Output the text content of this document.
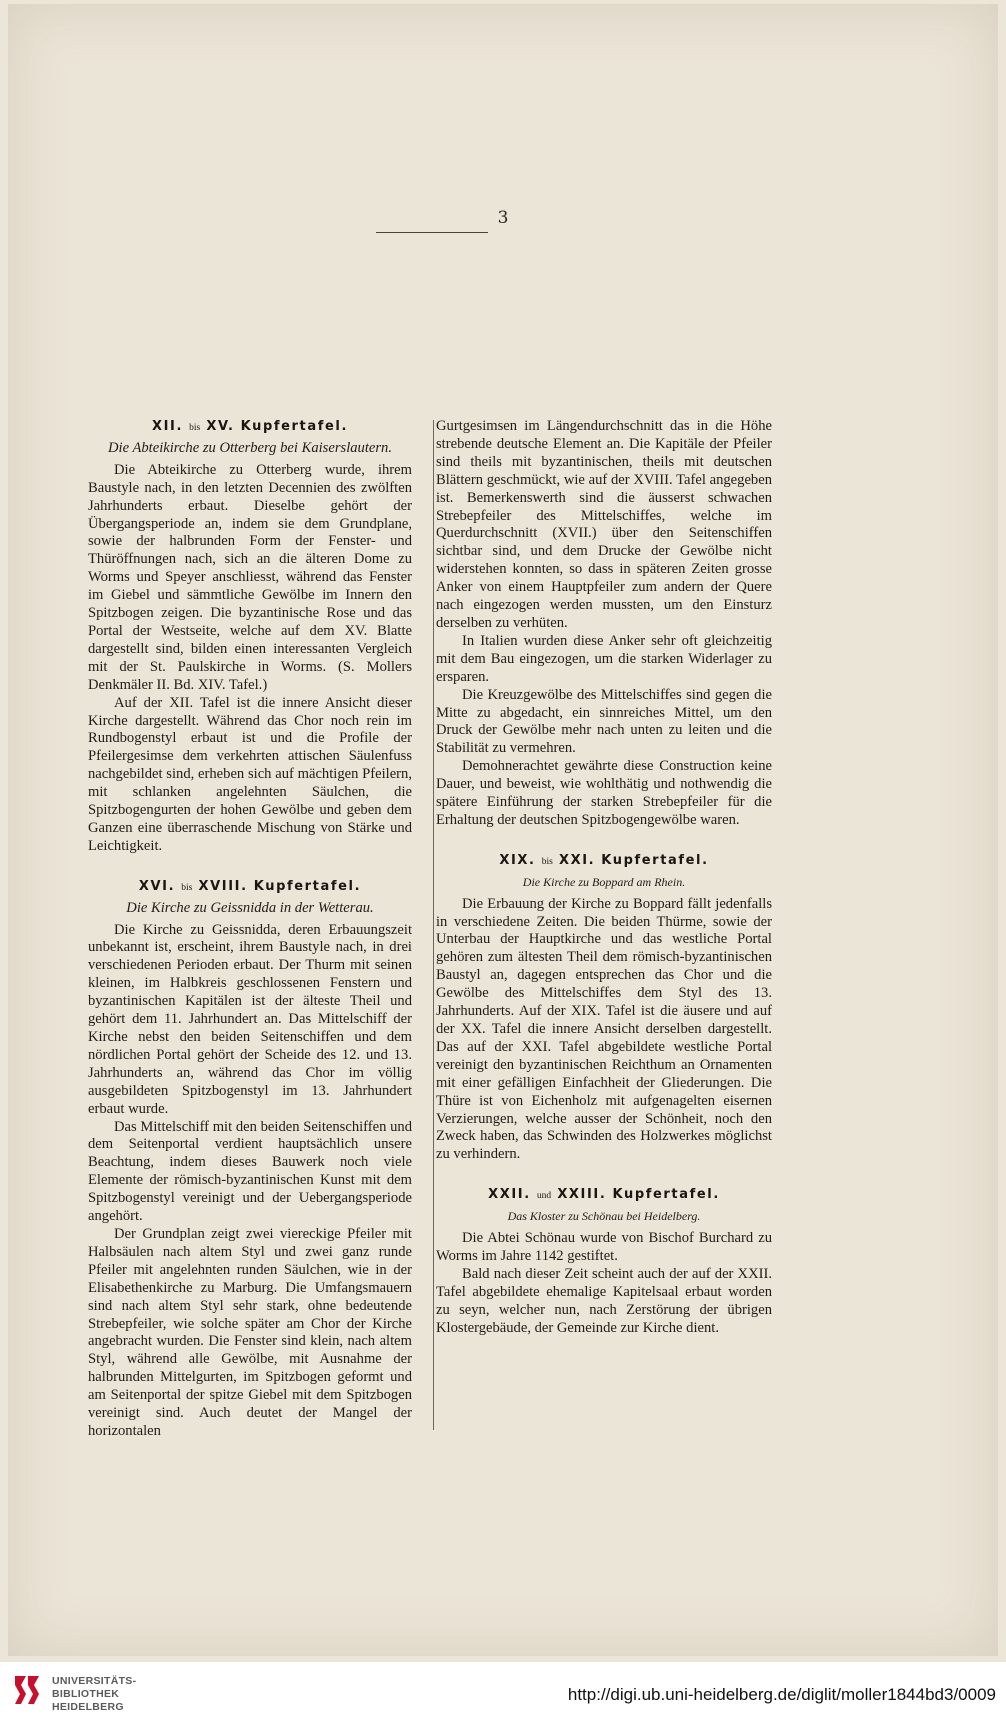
3
XII. bis XV. Kupfertafel.
Die Abteikirche zu Otterberg bei Kaiserslautern.

Die Abteikirche zu Otterberg wurde, ihrem Baustyle nach, in den letzten Decennien des zwölften Jahrhunderts erbaut. Dieselbe gehört der Übergangsperiode an, indem sie dem Grundplane, sowie der halbrunden Form der Fenster- und Thüröffnungen nach, sich an die älteren Dome zu Worms und Speyer anschliesst, während das Fenster im Giebel und sämmtliche Gewölbe im Innern den Spitzbogen zeigen. Die byzantinische Rose und das Portal der Westseite, welche auf dem XV. Blatte dargestellt sind, bilden einen interessanten Vergleich mit der St. Paulskirche in Worms. (S. Mollers Denkmäler II. Bd. XIV. Tafel.)

Auf der XII. Tafel ist die innere Ansicht dieser Kirche dargestellt. Während das Chor noch rein im Rundbogenstyl erbaut ist und die Profile der Pfeilergesimse dem verkehrten attischen Säulenfuss nachgebildet sind, erheben sich auf mächtigen Pfeilern, mit schlanken angelehnten Säulchen, die Spitzbogengurten der hohen Gewölbe und geben dem Ganzen eine überraschende Mischung von Stärke und Leichtigkeit.

XVI. bis XVIII. Kupfertafel.
Die Kirche zu Geissnidda in der Wetterau.

Die Kirche zu Geissnidda, deren Erbauungszeit unbekannt ist, erscheint, ihrem Baustyle nach, in drei verschiedenen Perioden erbaut. Der Thurm mit seinen kleinen, im Halbkreis geschlossenen Fenstern und byzantinischen Kapitälen ist der älteste Theil und gehört dem 11. Jahrhundert an. Das Mittelschiff der Kirche nebst den beiden Seitenschiffen und dem nördlichen Portal gehört der Scheide des 12. und 13. Jahrhunderts an, während das Chor im völlig ausgebildeten Spitzbogenstyl im 13. Jahrhundert erbaut wurde.

Das Mittelschiff mit den beiden Seitenschiffen und dem Seitenportal verdient hauptsächlich unsere Beachtung, indem dieses Bauwerk noch viele Elemente der römisch-byzantinischen Kunst mit dem Spitzbogenstyl vereinigt und der Uebergangsperiode angehört.

Der Grundplan zeigt zwei viereckige Pfeiler mit Halbsäulen nach altem Styl und zwei ganz runde Pfeiler mit angelehnten runden Säulchen, wie in der Elisabethenkirche zu Marburg. Die Umfangsmauern sind nach altem Styl sehr stark, ohne bedeutende Strebepfeiler, wie solche später am Chor der Kirche angebracht wurden. Die Fenster sind klein, nach altem Styl, während alle Gewölbe, mit Ausnahme der halbrunden Mittelgurten, im Spitzbogen geformt und am Seitenportal der spitze Giebel mit dem Spitzbogen vereinigt sind. Auch deutet der Mangel der horizontalen

Gurtgesimsen im Längendurchschnitt das in die Höhe strebende deutsche Element an. Die Kapitäle der Pfeiler sind theils mit byzantinischen, theils mit deutschen Blättern geschmückt, wie auf der XVIII. Tafel angegeben ist. Bemerkenswerth sind die äusserst schwachen Strebepfeiler des Mittelschiffes, welche im Querdurchschnitt (XVII.) über den Seitenschiffen sichtbar sind, und dem Drucke der Gewölbe nicht widerstehen konnten, so dass in späteren Zeiten grosse Anker von einem Hauptpfeiler zum andern der Quere nach eingezogen werden mussten, um den Einsturz derselben zu verhüten.

In Italien wurden diese Anker sehr oft gleichzeitig mit dem Bau eingezogen, um die starken Widerlager zu ersparen.

Die Kreuzgewölbe des Mittelschiffes sind gegen die Mitte zu abgedacht, ein sinnreiches Mittel, um den Druck der Gewölbe mehr nach unten zu leiten und die Stabilität zu vermehren.

Demohnerachtet gewährte diese Construction keine Dauer, und beweist, wie wohlthätig und nothwendig die spätere Einführung der starken Strebepfeiler für die Erhaltung der deutschen Spitzbogengewölbe waren.

XIX. bis XXI. Kupfertafel.
Die Kirche zu Boppard am Rhein.

Die Erbauung der Kirche zu Boppard fällt jedenfalls in verschiedene Zeiten. Die beiden Thürme, sowie der Unterbau der Hauptkirche und das westliche Portal gehören zum ältesten Theil dem römisch-byzantinischen Baustyl an, dagegen entsprechen das Chor und die Gewölbe des Mittelschiffes dem Styl des 13. Jahrhunderts. Auf der XIX. Tafel ist die äusere und auf der XX. Tafel die innere Ansicht derselben dargestellt. Das auf der XXI. Tafel abgebildete westliche Portal vereinigt den byzantinischen Reichthum an Ornamenten mit einer gefälligen Einfachheit der Gliederungen. Die Thüre ist von Eichenholz mit aufgenagelten eisernen Verzierungen, welche ausser der Schönheit, noch den Zweck haben, das Schwinden des Holzwerkes möglichst zu verhindern.

XXII. und XXIII. Kupfertafel.
Das Kloster zu Schönau bei Heidelberg.

Die Abtei Schönau wurde von Bischof Burchard zu Worms im Jahre 1142 gestiftet.

Bald nach dieser Zeit scheint auch der auf der XXII. Tafel abgebildete ehemalige Kapitelsaal erbaut worden zu seyn, welcher nun, nach Zerstörung der übrigen Klostergebäude, der Gemeinde zur Kirche dient.

UNIVERSITÄTS-
BIBLIOTHEK
HEIDELBERG
http://digi.ub.uni-heidelberg.de/diglit/moller1844bd3/0009
